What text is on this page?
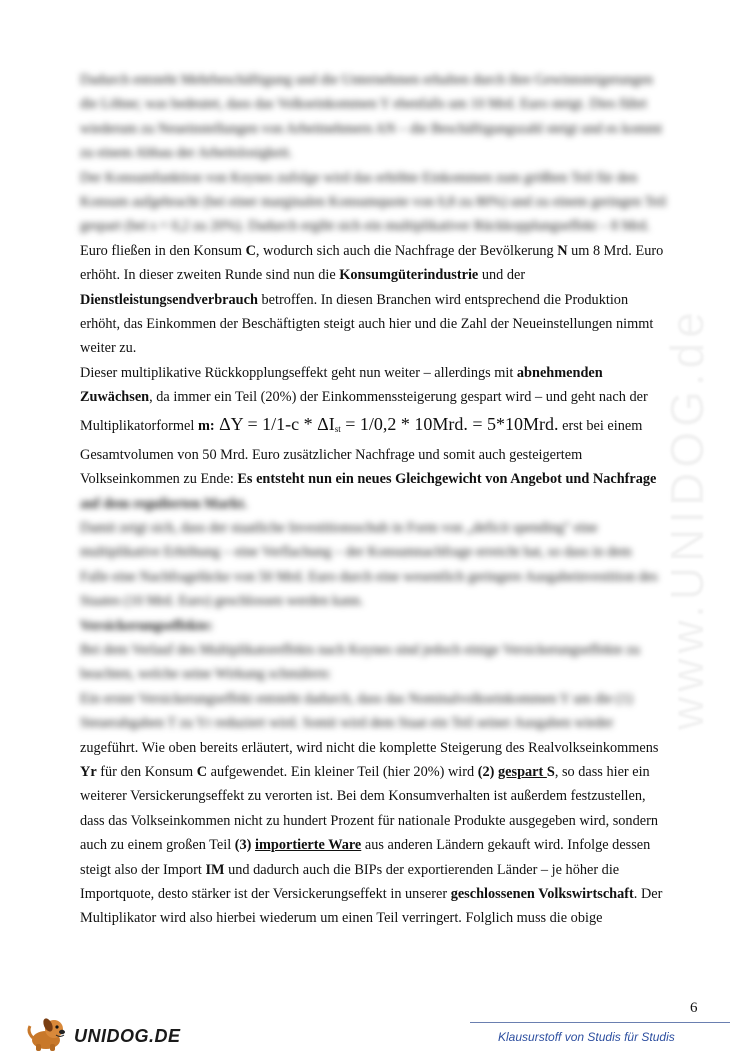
www.UNIDOG.de

Dadurch entsteht Mehrbeschäftigung und die Unternehmen erhalten durch ihre Gewinnsteigerungen

die Löhne; was bedeutet, dass das Volkseinkommen Y ebenfalls um 10 Mrd. Euro steigt. Dies führt

wiederum zu Neueinstellungen von Arbeitnehmern AN – die Beschäftigungszahl steigt und es kommt

zu einem Abbau der Arbeitslosigkeit.

Der Konsumfunktion von Keynes zufolge wird das erhöhte Einkommen zum größten Teil für den

Konsum aufgebracht (bei einer marginalen Konsumquote von 0,8 zu 80%) und zu einem geringen Teil

gespart (bei s = 0,2 zu 20%). Dadurch ergibt sich ein multiplikativer Rückkopplungseffekt – 8 Mrd.

Euro fließen in den Konsum C, wodurch sich auch die Nachfrage der Bevölkerung N um 8 Mrd. Euro

erhöht. In dieser zweiten Runde sind nun die Konsumgüterindustrie und der

Dienstleistungsendverbrauch betroffen. In diesen Branchen wird entsprechend die Produktion

erhöht, das Einkommen der Beschäftigten steigt auch hier und die Zahl der Neueinstellungen nimmt

weiter zu.

Dieser multiplikative Rückkopplungseffekt geht nun weiter – allerdings mit abnehmenden

Zuwächsen, da immer ein Teil (20%) der Einkommenssteigerung gespart wird – und geht nach der

Multiplikatorformel m: $\Delta Y = 1/1-c * \Delta I_{st} = 1/0,2 * 10Mrd$. = 5*10Mrd. erst bei einem

Gesamtvolumen von 50 Mrd. Euro zusätzlicher Nachfrage und somit auch gesteigertem

Volkseinkommen zu Ende: Es entsteht nun ein neues Gleichgewicht von Angebot und Nachfrage

auf dem regulierten Markt.

Damit zeigt sich, dass der staatliche Investitionsschub in Form von „deficit spending" eine

multiplikative Erhöhung – eine Verflachung – der Konsumnachfrage erreicht hat, so dass in dem

Falle eine Nachfragelücke von 50 Mrd. Euro durch eine wesentlich geringere Ausgabeinvestition des

Staates (10 Mrd. Euro) geschlossen werden kann.

Versickerungseffekte:

Bei dem Verlauf des Multiplikatoreffekts nach Keynes sind jedoch einige Versickerungseffekte zu

beachten, welche seine Wirkung schmälern:

Ein erster Versickerungseffekt entsteht dadurch, dass das Nominalvolkseinkommen Y um die (1)

Steuerabgaben T zu Yr reduziert wird. Somit wird dem Staat ein Teil seiner Ausgaben wieder

zugeführt. Wie oben bereits erläutert, wird nicht die komplette Steigerung des Realvolkseinkommens

Yr für den Konsum C aufgewendet. Ein kleiner Teil (hier 20%) wird (2) gespart S, so dass hier ein

weiterer Versickerungseffekt zu verorten ist. Bei dem Konsumverhalten ist außerdem festzustellen,

dass das Volkseinkommen nicht zu hundert Prozent für nationale Produkte ausgegeben wird, sondern

auch zu einem großen Teil (3) importierte Ware aus anderen Ländern gekauft wird. Infolge dessen

steigt also der Import IM und dadurch auch die BIPs der exportierenden Länder – je höher die

Importquote, desto stärker ist der Versickerungseffekt in unserer geschlossenen Volkswirtschaft. Der

Multiplikator wird also hierbei wiederum um einen Teil verringert. Folglich muss die obige

6
UNIDOG.DE	Klausurstoff von Studis für Studis
